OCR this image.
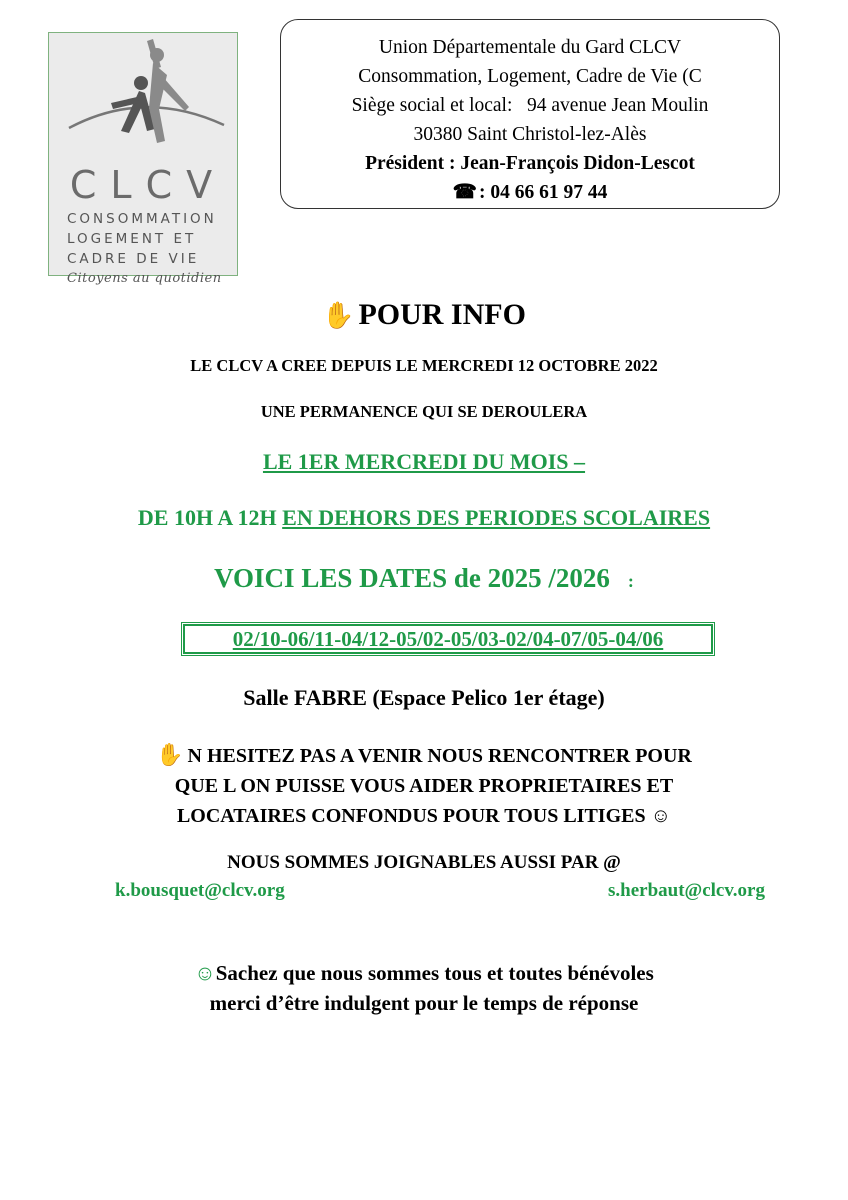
CLCV
CONSOMMATION
LOGEMENT ET
CADRE DE VIE
Citoyens au quotidien
Union Départementale du Gard CLCV
Consommation, Logement, Cadre de Vie (C
Siège social et local:   94 avenue Jean Moulin
30380 Saint Christol-lez-Alès
Président : Jean-François Didon-Lescot
☎ : 04 66 61 97 44
✋ POUR INFO
LE CLCV A CREE DEPUIS LE MERCREDI 12 OCTOBRE 2022
UNE PERMANENCE QUI SE DEROULERA
LE 1ER MERCREDI DU MOIS –
DE 10H A 12H EN DEHORS DES PERIODES SCOLAIRES
VOICI LES DATES de 2025 /2026 :
02/10-06/11-04/12-05/02-05/03-02/04-07/05-04/06
Salle FABRE (Espace Pelico 1er étage)
✋ N HESITEZ PAS A VENIR NOUS RENCONTRER POUR
QUE L ON PUISSE VOUS AIDER PROPRIETAIRES ET
LOCATAIRES CONFONDUS POUR TOUS LITIGES ☺
NOUS SOMMES JOIGNABLES AUSSI PAR @
k.bousquet@clcv.org	s.herbaut@clcv.org
☺Sachez que nous sommes tous et toutes bénévoles
merci d’être indulgent pour le temps de réponse
